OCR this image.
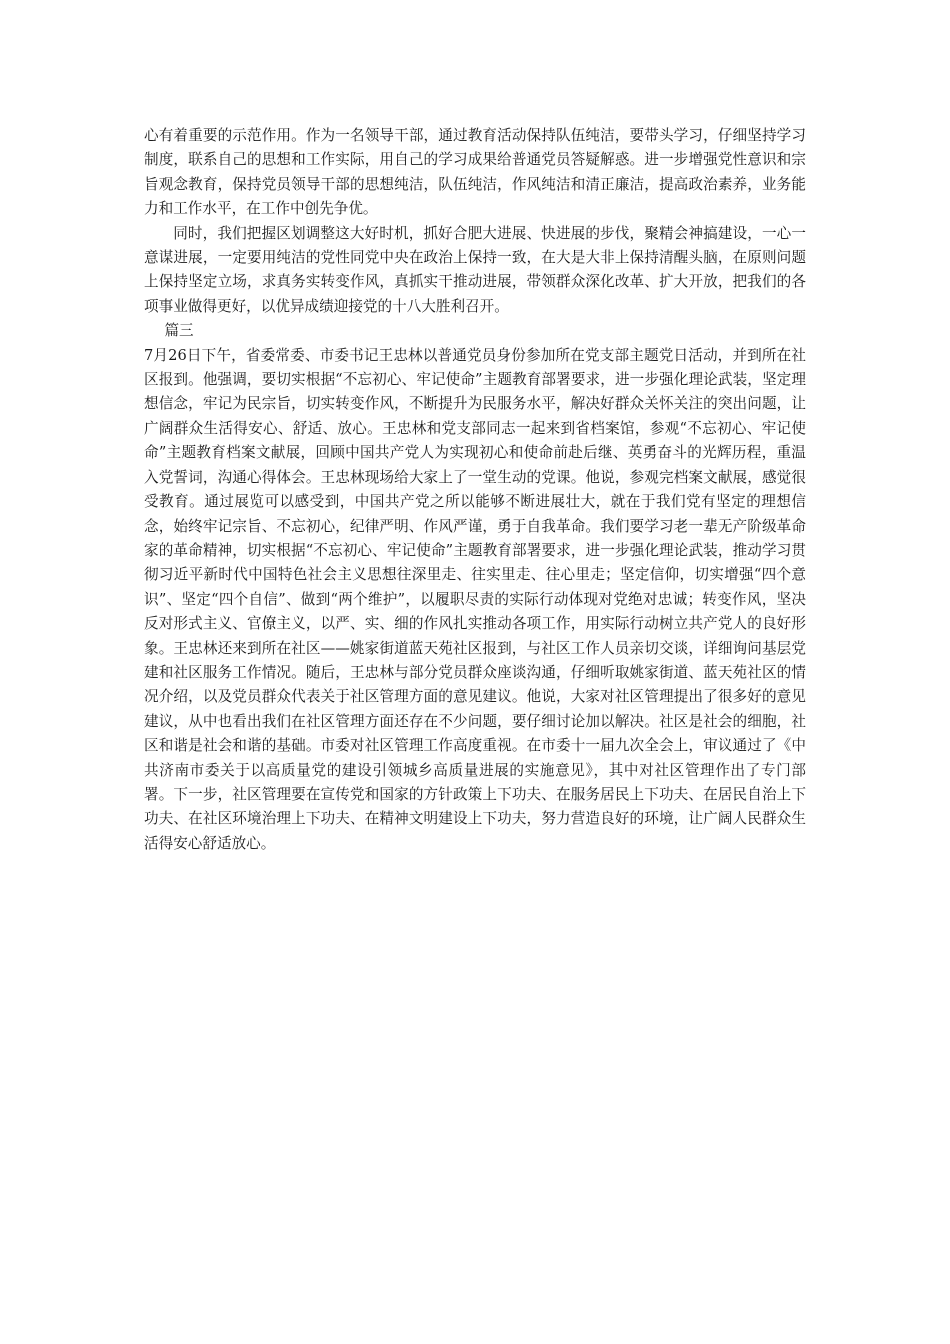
心有着重要的示范作用。作为一名领导干部，通过教育活动保持队伍纯洁，要带头学习，仔细坚持学习制度，联系自己的思想和工作实际，用自己的学习成果给普通党员答疑解惑。进一步增强党性意识和宗旨观念教育，保持党员领导干部的思想纯洁，队伍纯洁，作风纯洁和清正廉洁，提高政治素养，业务能力和工作水平，在工作中创先争优。

同时，我们把握区划调整这大好时机，抓好合肥大进展、快进展的步伐，聚精会神搞建设，一心一意谋进展，一定要用纯洁的党性同党中央在政治上保持一致，在大是大非上保持清醒头脑，在原则问题上保持坚定立场，求真务实转变作风，真抓实干推动进展，带领群众深化改革、扩大开放，把我们的各项事业做得更好，以优异成绩迎接党的十八大胜利召开。

篇三

7月26日下午，省委常委、市委书记王忠林以普通党员身份参加所在党支部主题党日活动，并到所在社区报到。他强调，要切实根据“不忘初心、牢记使命”主题教育部署要求，进一步强化理论武装，坚定理想信念，牢记为民宗旨，切实转变作风，不断提升为民服务水平，解决好群众关怀关注的突出问题，让广阔群众生活得安心、舒适、放心。王忠林和党支部同志一起来到省档案馆，参观“不忘初心、牢记使命”主题教育档案文献展，回顾中国共产党人为实现初心和使命前赴后继、英勇奋斗的光辉历程，重温入党誓词，沟通心得体会。王忠林现场给大家上了一堂生动的党课。他说，参观完档案文献展，感觉很受教育。通过展览可以感受到，中国共产党之所以能够不断进展壮大，就在于我们党有坚定的理想信念，始终牢记宗旨、不忘初心，纪律严明、作风严谨，勇于自我革命。我们要学习老一辈无产阶级革命家的革命精神，切实根据“不忘初心、牢记使命”主题教育部署要求，进一步强化理论武装，推动学习贯彻习近平新时代中国特色社会主义思想往深里走、往实里走、往心里走；坚定信仰，切实增强“四个意识”、坚定“四个自信”、做到“两个维护”，以履职尽责的实际行动体现对党绝对忠诚；转变作风，坚决反对形式主义、官僚主义，以严、实、细的作风扎实推动各项工作，用实际行动树立共产党人的良好形象。王忠林还来到所在社区——姚家街道蓝天苑社区报到，与社区工作人员亲切交谈，详细询问基层党建和社区服务工作情况。随后，王忠林与部分党员群众座谈沟通，仔细听取姚家街道、蓝天苑社区的情况介绍，以及党员群众代表关于社区管理方面的意见建议。他说，大家对社区管理提出了很多好的意见建议，从中也看出我们在社区管理方面还存在不少问题，要仔细讨论加以解决。社区是社会的细胞，社区和谐是社会和谐的基础。市委对社区管理工作高度重视。在市委十一届九次全会上，审议通过了《中共济南市委关于以高质量党的建设引领城乡高质量进展的实施意见》，其中对社区管理作出了专门部署。下一步，社区管理要在宣传党和国家的方针政策上下功夫、在服务居民上下功夫、在居民自治上下功夫、在社区环境治理上下功夫、在精神文明建设上下功夫，努力营造良好的环境，让广阔人民群众生活得安心舒适放心。
